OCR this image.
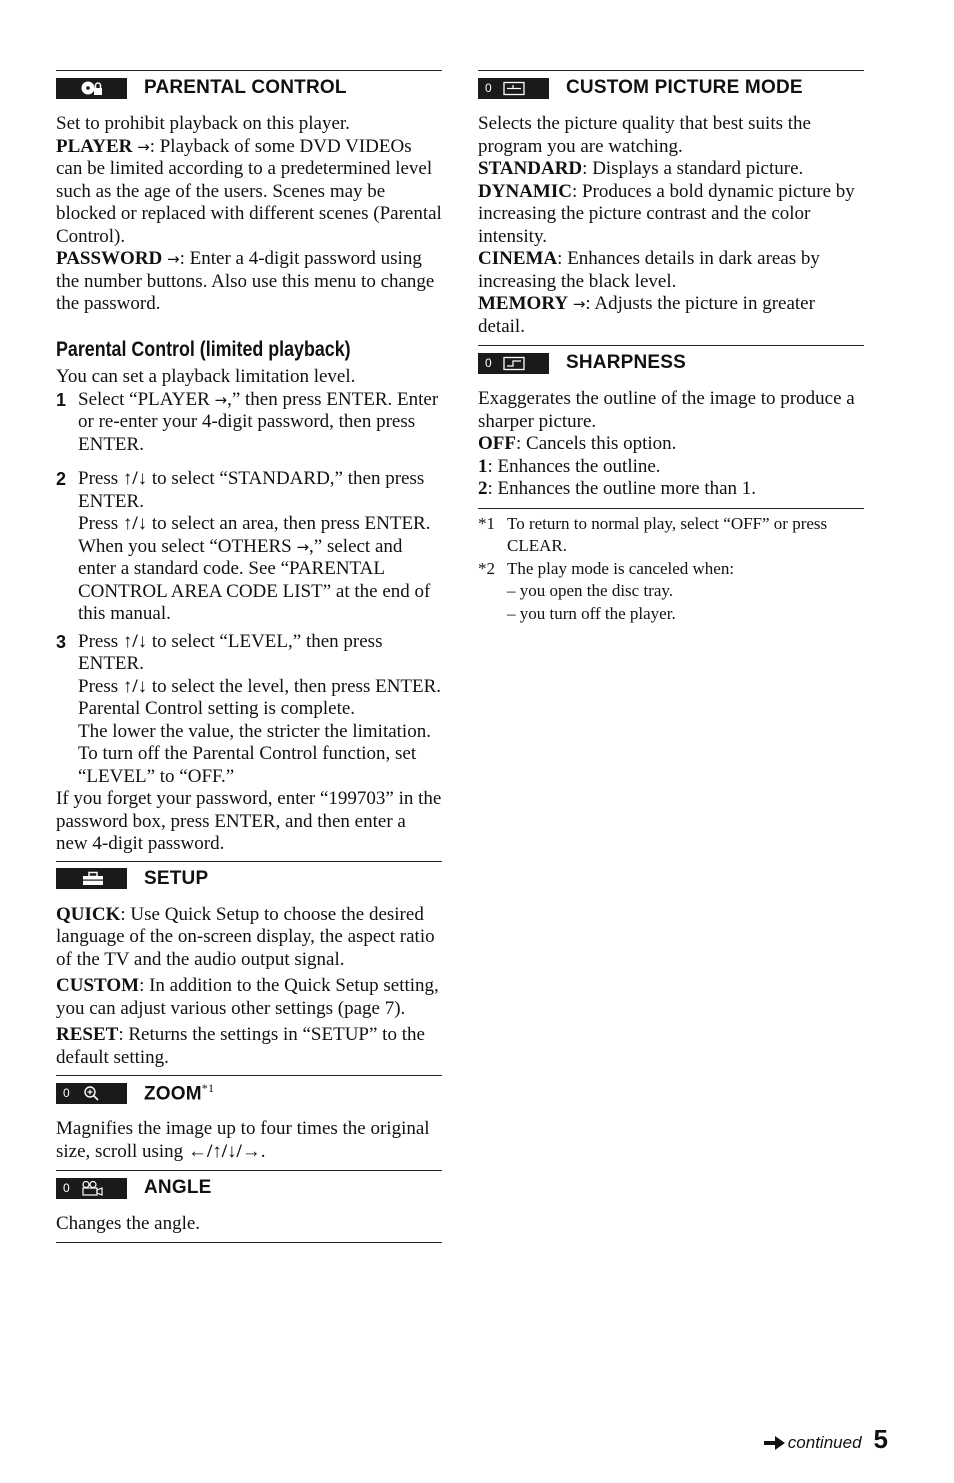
PARENTAL CONTROL

Set to prohibit playback on this player.

PLAYER →: Playback of some DVD VIDEOs can be limited according to a predetermined level such as the age of the users. Scenes may be blocked or replaced with different scenes (Parental Control).

PASSWORD →: Enter a 4-digit password using the number buttons. Also use this menu to change the password.

Parental Control (limited playback)

You can set a playback limitation level.

1 Select “PLAYER →,” then press ENTER. Enter or re-enter your 4-digit password, then press ENTER.
2 Press ↑/↓ to select “STANDARD,” then press ENTER.

Press ↑/↓ to select an area, then press ENTER.

When you select “OTHERS →,” select and enter a standard code. See “PARENTAL CONTROL AREA CODE LIST” at the end of this manual.

3 Press ↑/↓ to select “LEVEL,” then press ENTER.

Press ↑/↓ to select the level, then press ENTER.

Parental Control setting is complete.

The lower the value, the stricter the limitation.

To turn off the Parental Control function, set “LEVEL” to “OFF.”

If you forget your password, enter “199703” in the password box, press ENTER, and then enter a new 4-digit password.

SETUP

QUICK: Use Quick Setup to choose the desired language of the on-screen display, the aspect ratio of the TV and the audio output signal.

CUSTOM: In addition to the Quick Setup setting, you can adjust various other settings (page 7).

RESET: Returns the settings in “SETUP” to the default setting.

0	ZOOM$^{*1}$

Magnifies the image up to four times the original size, scroll using ←/↑/↓/→.

0	ANGLE

Changes the angle.

0	CUSTOM PICTURE MODE

Selects the picture quality that best suits the program you are watching.

STANDARD: Displays a standard picture.

DYNAMIC: Produces a bold dynamic picture by increasing the picture contrast and the color intensity.

CINEMA: Enhances details in dark areas by increasing the black level.

MEMORY →: Adjusts the picture in greater detail.

0	SHARPNESS

Exaggerates the outline of the image to produce a sharper picture.

OFF: Cancels this option.

1: Enhances the outline.

2: Enhances the outline more than 1.

*1 To return to normal play, select “OFF” or press CLEAR.
*2 The play mode is canceled when:
– you open the disc tray.
– you turn off the player.
continued 5
